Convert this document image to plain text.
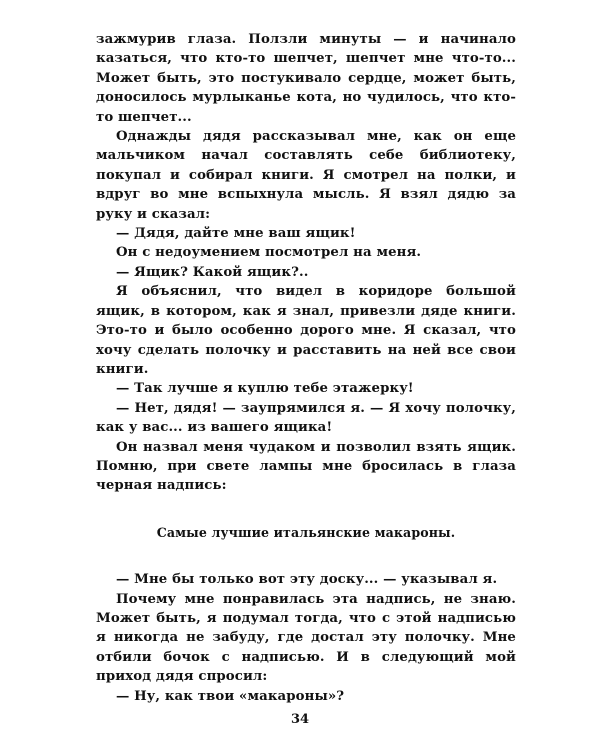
зажмурив глаза. Ползли минуты — и начинало казаться, что кто-то шепчет, шепчет мне что-то... Может быть, это постукивало сердце, может быть, доносилось мурлыканье кота, но чудилось, что кто-то шепчет...

Однажды дядя рассказывал мне, как он еще мальчиком начал составлять себе библиотеку, покупал и собирал книги. Я смотрел на полки, и вдруг во мне вспыхнула мысль. Я взял дядю за руку и сказал:

— Дядя, дайте мне ваш ящик!

Он с недоумением посмотрел на меня.

— Ящик? Какой ящик?..

Я объяснил, что видел в коридоре большой ящик, в котором, как я знал, привезли дяде книги. Это-то и было особенно дорого мне. Я сказал, что хочу сделать полочку и расставить на ней все свои книги.

— Так лучше я куплю тебе этажерку!

— Нет, дядя! — заупрямился я. — Я хочу полочку, как у вас... из вашего ящика!

Он назвал меня чудаком и позволил взять ящик. Помню, при свете лампы мне бросилась в глаза черная надпись:

Самые лучшие итальянские макароны.

— Мне бы только вот эту доску... — указывал я.

Почему мне понравилась эта надпись, не знаю. Может быть, я подумал тогда, что с этой надписью я никогда не забуду, где достал эту полочку. Мне отбили бочок с надписью. И в следующий мой приход дядя спросил:

— Ну, как твои «макароны»?

34
